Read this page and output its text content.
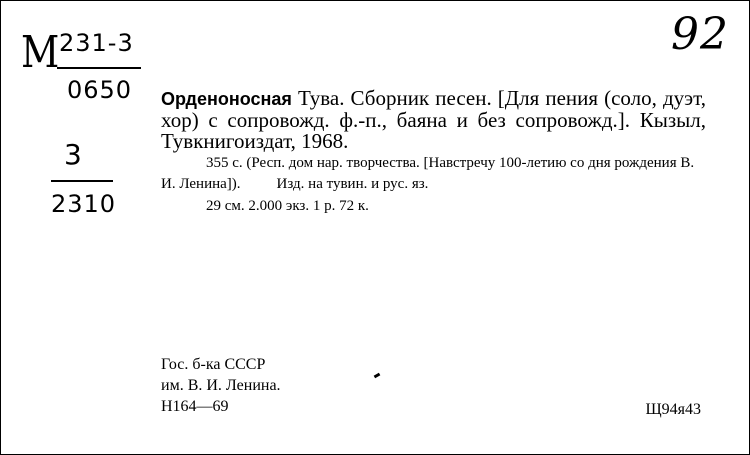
92
М
231-3
0650
3
2310

Орденоносная Тува. Сборник песен. [Для пения (соло, дуэт, хор) с сопровожд. ф.-п., баяна и без сопровожд.]. Кызыл, Тувкнигоиздат, 1968.

355 с. (Респ. дом нар. творчества. [Навстречу 100-летию со дня рождения В. И. Ленина]). Изд. на тувин. и рус. яз.

29 см. 2.000 экз. 1 р. 72 к.

Гос. б-ка СССР
им. В. И. Ленина.
Н164—69	Щ94я43
